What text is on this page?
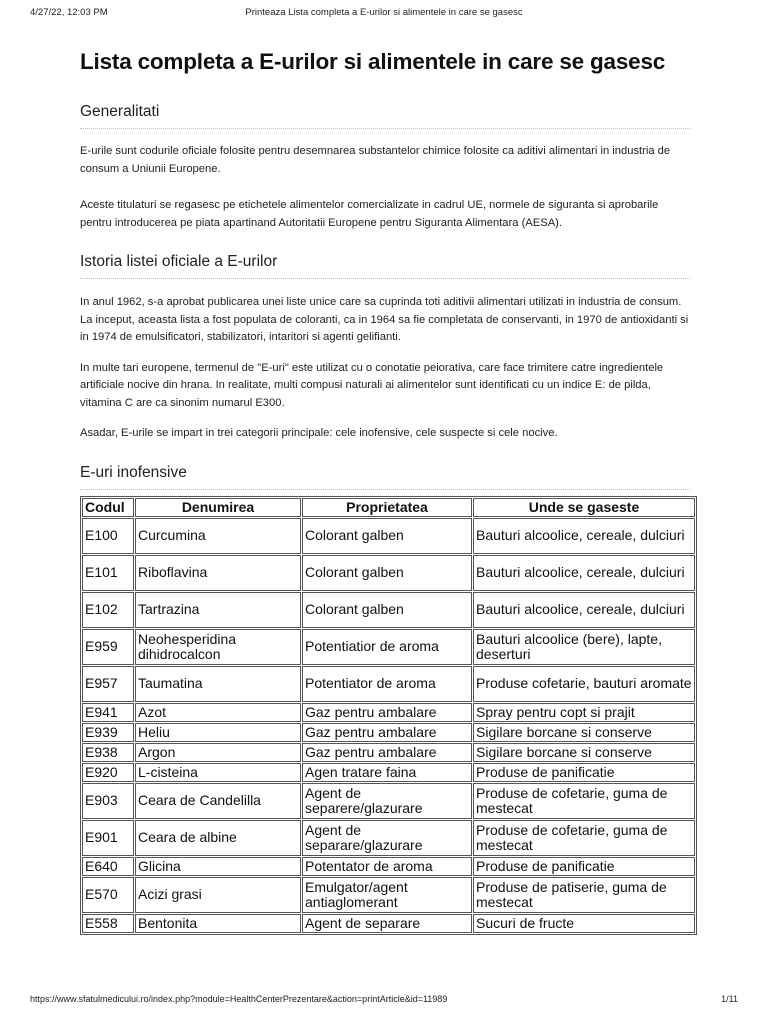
4/27/22, 12:03 PM	Printeaza Lista completa a E-urilor si alimentele in care se gasesc
Lista completa a E-urilor si alimentele in care se gasesc
Generalitati

E-urile sunt codurile oficiale folosite pentru desemnarea substantelor chimice folosite ca aditivi alimentari in industria de consum a Uniunii Europene.

Aceste titulaturi se regasesc pe etichetele alimentelor comercializate in cadrul UE, normele de siguranta si aprobarile pentru introducerea pe piata apartinand Autoritatii Europene pentru Siguranta Alimentara (AESA).

Istoria listei oficiale a E-urilor

In anul 1962, s-a aprobat publicarea unei liste unice care sa cuprinda toti aditivii alimentari utilizati in industria de consum. La inceput, aceasta lista a fost populata de coloranti, ca in 1964 sa fie completata de conservanti, in 1970 de antioxidanti si in 1974 de emulsificatori, stabilizatori, intaritori si agenti gelifianti.

In multe tari europene, termenul de "E-uri" este utilizat cu o conotatie peiorativa, care face trimitere catre ingredientele artificiale nocive din hrana. In realitate, multi compusi naturali ai alimentelor sunt identificati cu un indice E: de pilda, vitamina C are ca sinonim numarul E300.

Asadar, E-urile se impart in trei categorii principale: cele inofensive, cele suspecte si cele nocive.

E-uri inofensive
Codul	Denumirea	Proprietatea	Unde se gaseste
E100	Curcumina	Colorant galben	Bauturi alcoolice, cereale, dulciuri
E101	Riboflavina	Colorant galben	Bauturi alcoolice, cereale, dulciuri
E102	Tartrazina	Colorant galben	Bauturi alcoolice, cereale, dulciuri
E959	Neohesperidina dihidrocalcon	Potentiatior de aroma	Bauturi alcoolice (bere), lapte, deserturi
E957	Taumatina	Potentiator de aroma	Produse cofetarie, bauturi aromate
E941	Azot	Gaz pentru ambalare	Spray pentru copt si prajit
E939	Heliu	Gaz pentru ambalare	Sigilare borcane si conserve
E938	Argon	Gaz pentru ambalare	Sigilare borcane si conserve
E920	L-cisteina	Agen tratare faina	Produse de panificatie
E903	Ceara de Candelilla	Agent de separere/glazurare	Produse de cofetarie, guma de mestecat
E901	Ceara de albine	Agent de separare/glazurare	Produse de cofetarie, guma de mestecat
E640	Glicina	Potentator de aroma	Produse de panificatie
E570	Acizi grasi	Emulgator/agent antiaglomerant	Produse de patiserie, guma de mestecat
E558	Bentonita	Agent de separare	Sucuri de fructe
https://www.sfatulmedicului.ro/index.php?module=HealthCenterPrezentare&action=printArticle&id=11989	1/11
